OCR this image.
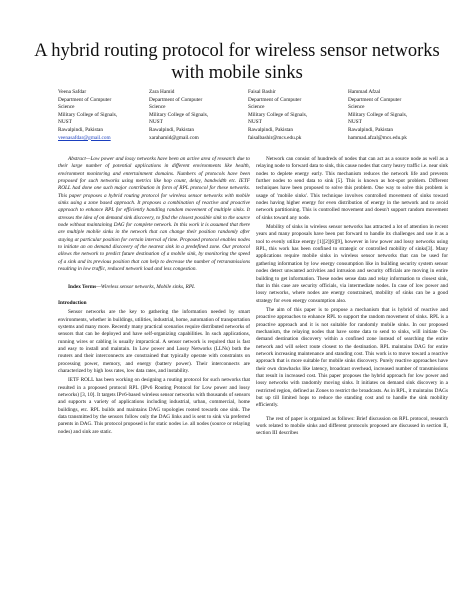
A hybrid routing protocol for wireless sensor networks with mobile sinks
Veena Safdar
Department of Computer
Science
Military College of Signals,
NUST
Rawalpindi, Pakistan
veenasafdar@gmail.com
Zara Hamid
Department of Computer
Science
Military College of Signals,
NUST
Rawalpindi, Pakistan
xarahamid@gmail.com
Faisal Bashir
Department of Computer
Science
Military College of Signals,
NUST
Rawalpindi, Pakistan
faisalbashir@mcs.edu.pk
Hammad Afzal
Department of Computer
Science
Military College of Signals,
NUST
Rawalpindi, Pakistan
hammad.afzal@mcs.edu.pk

Abstract—Low power and lossy networks have been an active area of research due to their large number of potential applications in different environments like health, environment monitoring and entertainment domains. Numbers of protocols have been proposed for such networks using metrics like hop count, delay, bandwidth etc. IETF ROLL had done one such major contribution in form of RPL protocol for these networks. This paper proposes a hybrid routing protocol for wireless sensor networks with mobile sinks using a zone based approach. It proposes a combination of reactive and proactive approach to enhance RPL for efficiently handling random movement of multiple sinks. It stresses the idea of on demand sink discovery, to find the closest possible sink to the source node without maintaining DAG for complete network. In this work it is assumed that there are multiple mobile sinks in the network that can change their position randomly after staying at particular position for certain interval of time. Proposed protocol enables nodes to initiate an on demand discovery of the nearest sink in a predefined zone. Our protocol allows the network to predict future destination of a mobile sink, by monitoring the speed of a sink and its previous position that can help to decrease the number of retransmissions resulting in low traffic, reduced network load and less congestion.

Index Terms—Wireless sensor networks, Mobile sinks, RPL

Introduction

Sensor networks are the key to gathering the information needed by smart environments, whether in buildings, utilities, industrial, home, automation of transportation systems and many more. Recently many practical scenarios require distributed networks of sensors that can be deployed and have self-organizing capabilities. In such applications, running wires or cabling is usually impractical. A sensor network is required that is fast and easy to install and maintain. In Low power and Lossy Networks (LLNs) both the routers and their interconnects are constrained that typically operate with constraints on processing power, memory, and energy (battery power). Their interconnects are characterized by high loss rates, low data rates, and instability.

IETF ROLL has been working on designing a routing protocol for such networks that resulted in a proposed protocol RPL (IPv6 Routing Protocol for Low power and lossy networks) [3, 10]. It targets IPv6-based wireless sensor networks with thousands of sensors and supports a variety of applications including industrial, urban, commercial, home buildings, etc. RPL builds and maintains DAG topologies rooted towards one sink. The data transmitted by the sensors follow only the DAG links and is sent to sink via preferred parents in DAG. This protocol proposed is for static nodes i.e. all nodes (source or relaying nodes) and sink are static.

Network can consist of hundreds of nodes that can act as a source node as well as a relaying node to forward data to sink, this cause nodes that carry heavy traffic i.e. near sink nodes to deplete energy early. This mechanism reduces the network life and prevents further nodes to send data to sink [5]. This is known as hot-spot problem. Different techniques have been proposed to solve this problem. One way to solve this problem is usage of 'mobile sinks'. This technique involves controlled movement of sinks toward nodes having higher energy for even distribution of energy in the network and to avoid network partitioning. This is controlled movement and doesn't support random movement of sinks toward any node.

Mobility of sinks in wireless sensor networks has attracted a lot of attention in recent years and many proposals have been put forward to handle its challenges and use it as a tool to evenly utilize energy [1][2][6][9], however in low power and lossy networks using RPL, this work has been confined to strategic or controlled mobility of sinks[3]. Many applications require mobile sinks in wireless sensor networks that can be used for gathering information by low energy consumption like in building security system sensor nodes detect unwanted activities and intrusion and security officials are moving in entire building to get information. These nodes sense data and relay information to closest sink, that in this case are security officials, via intermediate nodes. In case of low power and lossy networks, where nodes are energy constrained, mobility of sinks can be a good strategy for even energy consumption also.

The aim of this paper is to propose a mechanism that is hybrid of reactive and proactive approaches to enhance RPL to support the random movement of sinks. RPL is a proactive approach and it is not suitable for randomly mobile sinks. In our proposed mechanism, the relaying nodes that have some data to send to sinks, will initiate On-demand destination discovery within a confined zone instead of searching the entire network and will select route closest to the destination. RPL maintains DAG for entire network increasing maintenance and standing cost. This work is to move toward a reactive approach that is more suitable for mobile sinks discovery. Purely reactive approaches have their own drawbacks like latency, broadcast overhead, increased number of transmissions that result in increased cost. This paper proposes the hybrid approach for low power and lossy networks with randomly moving sinks. It initiates on demand sink discovery in a restricted region, defined as Zones to restrict the broadcasts. As in RPL, it maintains DAGs but up till limited hops to reduce the standing cost and to handle the sink mobility efficiently.

The rest of paper is organized as follows: Brief discussion on RPL protocol, research work related to mobile sinks and different protocols proposed are discussed in section II, section III describes
